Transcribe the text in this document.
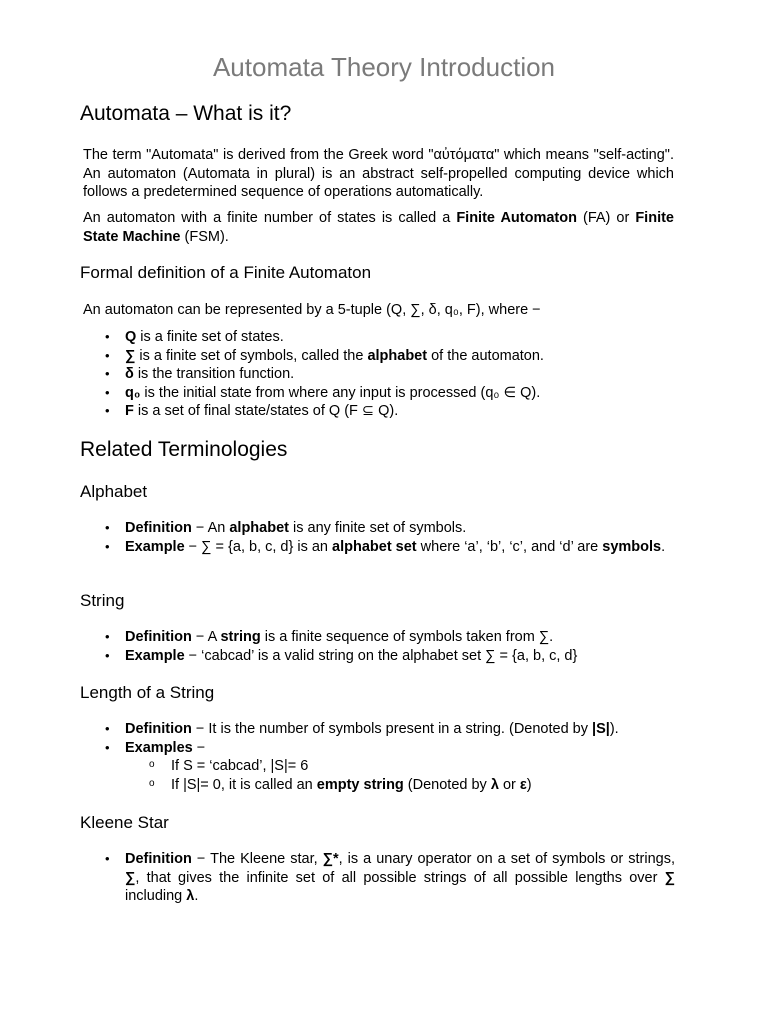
Automata Theory Introduction
Automata – What is it?

The term "Automata" is derived from the Greek word "αὐτόματα" which means "self-acting". An automaton (Automata in plural) is an abstract self-propelled computing device which follows a predetermined sequence of operations automatically.

An automaton with a finite number of states is called a Finite Automaton (FA) or Finite State Machine (FSM).

Formal definition of a Finite Automaton

An automaton can be represented by a 5-tuple (Q, ∑, δ, q₀, F), where −

• Q is a finite set of states.
• ∑ is a finite set of symbols, called the alphabet of the automaton.
• δ is the transition function.
• q₀ is the initial state from where any input is processed (q₀ ∈ Q).
• F is a set of final state/states of Q (F ⊆ Q).
Related Terminologies
Alphabet
• Definition − An alphabet is any finite set of symbols.
• Example − ∑ = {a, b, c, d} is an alphabet set where ‘a’, ‘b’, ‘c’, and ‘d’ are symbols.
String
• Definition − A string is a finite sequence of symbols taken from ∑.
• Example − ‘cabcad’ is a valid string on the alphabet set ∑ = {a, b, c, d}
Length of a String
• Definition − It is the number of symbols present in a string. (Denoted by |S|).
• Examples −
o If S = ‘cabcad’, |S|= 6
o If |S|= 0, it is called an empty string (Denoted by λ or ε)
Kleene Star
• Definition − The Kleene star, ∑*, is a unary operator on a set of symbols or strings, ∑, that gives the infinite set of all possible strings of all possible lengths over ∑ including λ.
